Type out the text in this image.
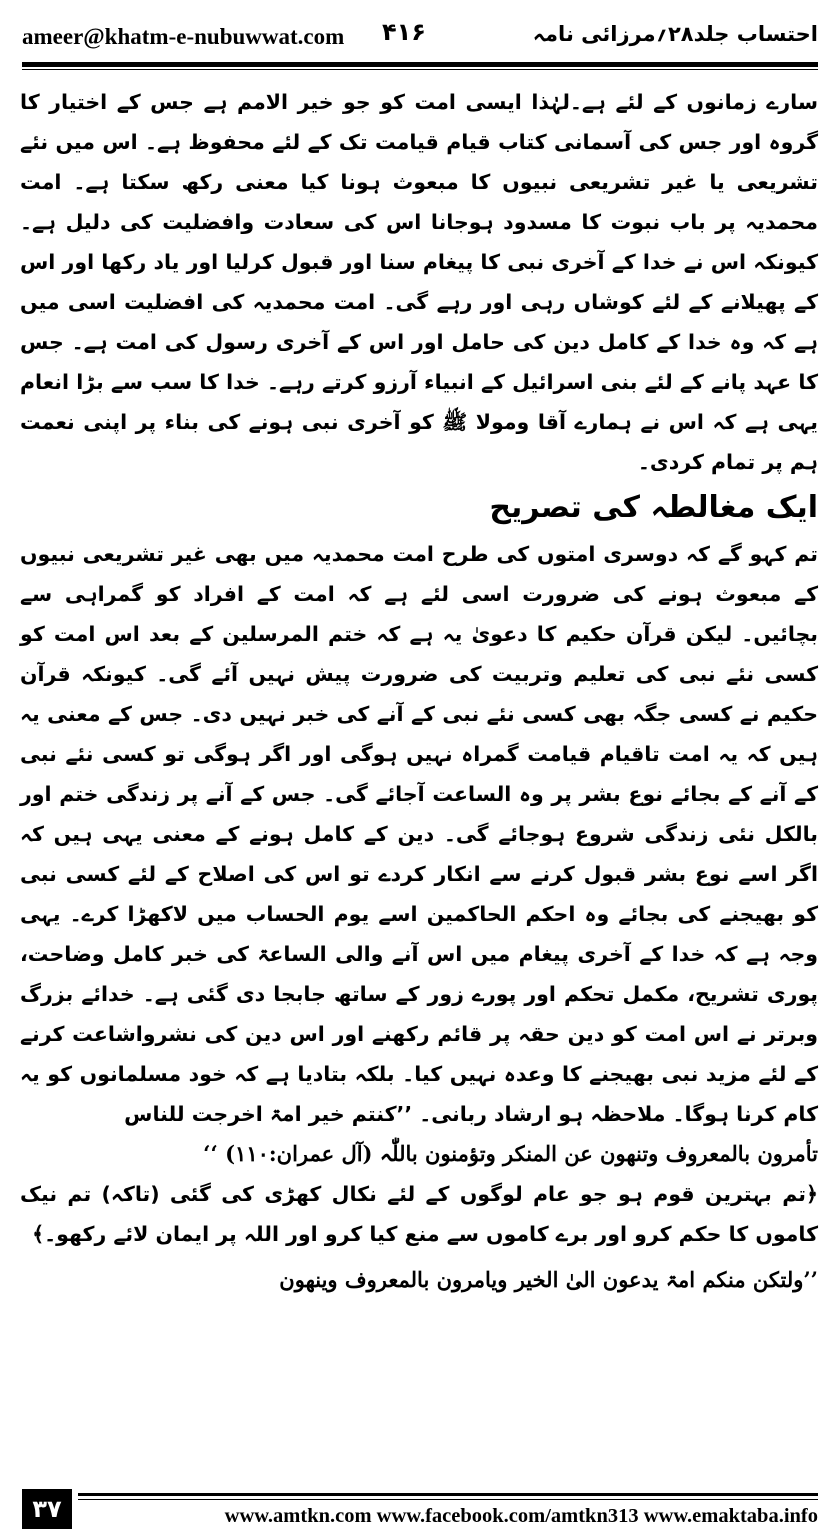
ameer@khatm-e-nubuwwat.com ۴۱۶	احتساب جلد۲۸؍مرزائی نامہ

سارے زمانوں کے لئے ہے۔لہٰذا ایسی امت کو جو خیر الامم ہے جس کے اختیار کا گروہ اور جس کی آسمانی کتاب قیام قیامت تک کے لئے محفوظ ہے۔ اس میں نئے تشریعی یا غیر تشریعی نبیوں کا مبعوث ہونا کیا معنی رکھ سکتا ہے۔ امت محمدیہ پر باب نبوت کا مسدود ہوجانا اس کی سعادت وافضلیت کی دلیل ہے۔ کیونکہ اس نے خدا کے آخری نبی کا پیغام سنا اور قبول کرلیا اور یاد رکھا اور اس کے پھیلانے کے لئے کوشاں رہی اور رہے گی۔ امت محمدیہ کی افضلیت اسی میں ہے کہ وہ خدا کے کامل دین کی حامل اور اس کے آخری رسول کی امت ہے۔ جس کا عہد پانے کے لئے بنی اسرائیل کے انبیاء آرزو کرتے رہے۔ خدا کا سب سے بڑا انعام یہی ہے کہ اس نے ہمارے آقا ومولا ﷺ کو آخری نبی ہونے کی بناء پر اپنی نعمت ہم پر تمام کردی۔

ایک مغالطہ کی تصریح

تم کہو گے کہ دوسری امتوں کی طرح امت محمدیہ میں بھی غیر تشریعی نبیوں کے مبعوث ہونے کی ضرورت اسی لئے ہے کہ امت کے افراد کو گمراہی سے بچائیں۔ لیکن قرآن حکیم کا دعویٰ یہ ہے کہ ختم المرسلین کے بعد اس امت کو کسی نئے نبی کی تعلیم وتربیت کی ضرورت پیش نہیں آئے گی۔ کیونکہ قرآن حکیم نے کسی جگہ بھی کسی نئے نبی کے آنے کی خبر نہیں دی۔ جس کے معنی یہ ہیں کہ یہ امت تاقیام قیامت گمراہ نہیں ہوگی اور اگر ہوگی تو کسی نئے نبی کے آنے کے بجائے نوع بشر پر وہ الساعت آجائے گی۔ جس کے آنے پر زندگی ختم اور بالکل نئی زندگی شروع ہوجائے گی۔ دین کے کامل ہونے کے معنی یہی ہیں کہ اگر اسے نوع بشر قبول کرنے سے انکار کردے تو اس کی اصلاح کے لئے کسی نبی کو بھیجنے کی بجائے وہ احکم الحاکمین اسے یوم الحساب میں لاکھڑا کرے۔ یہی وجہ ہے کہ خدا کے آخری پیغام میں اس آنے والی الساعۃ کی خبر کامل وضاحت، پوری تشریح، مکمل تحکم اور پورے زور کے ساتھ جابجا دی گئی ہے۔ خدائے بزرگ وبرتر نے اس امت کو دین حقہ پر قائم رکھنے اور اس دین کی نشرواشاعت کرنے کے لئے مزید نبی بھیجنے کا وعدہ نہیں کیا۔ بلکہ بتادیا ہے کہ خود مسلمانوں کو یہ کام کرنا ہوگا۔ ملاحظہ ہو ارشاد ربانی۔ ’’کنتم خیر امۃ اخرجت للناس

تأمرون بالمعروف وتنھون عن المنکر وتؤمنون باللّٰہ (آل عمران:۱۱۰) ‘‘

﴿تم بہترین قوم ہو جو عام لوگوں کے لئے نکال کھڑی کی گئی (تاکہ) تم نیک کاموں کا حکم کرو اور برے کاموں سے منع کیا کرو اور اللہ پر ایمان لائے رکھو۔﴾

’’ولتکن منکم امۃ یدعون الیٰ الخیر ویامرون بالمعروف وینھون

۳۷	www.amtkn.com www.facebook.com/amtkn313 www.emaktaba.info
